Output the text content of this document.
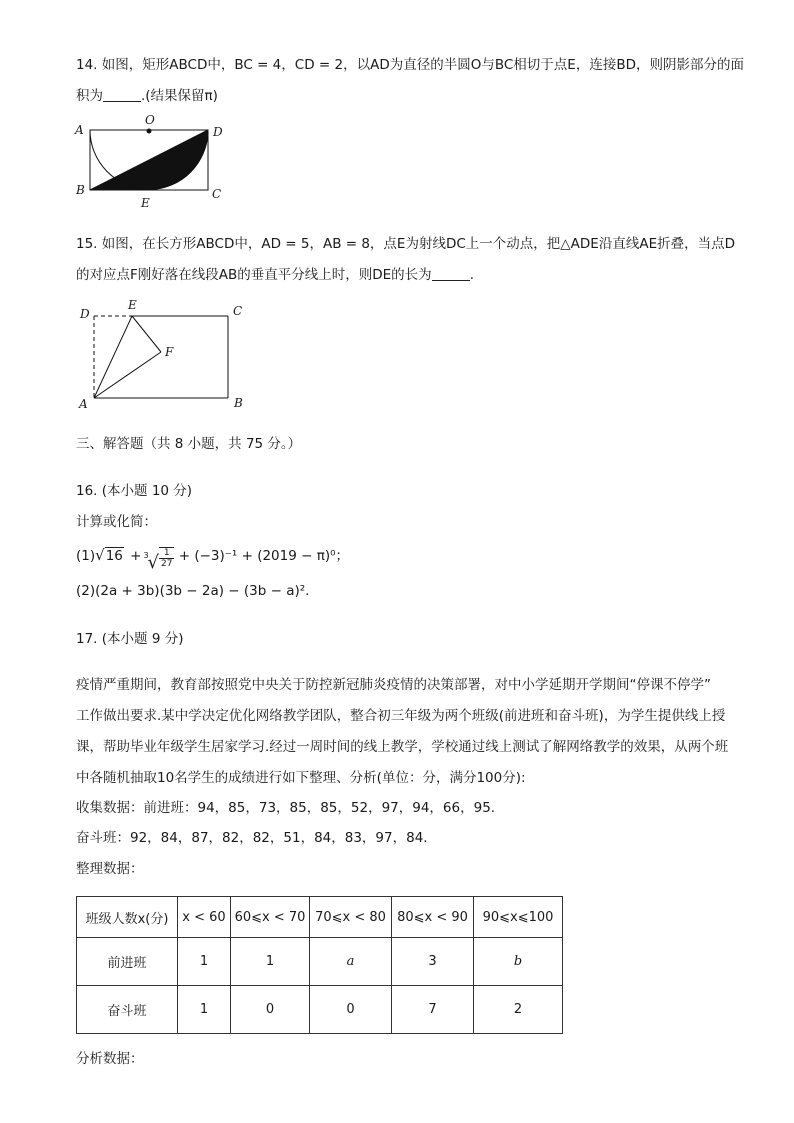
14. 如图，矩形ABCD中，BC = 4，CD = 2，以AD为直径的半圆O与BC相切于点E，连接BD，则阴影部分的面
积为	.(结果保留π)
A
O
D
B	C
E
15. 如图，在长方形ABCD中，AD = 5，AB = 8，点E为射线DC上一个动点，把△ADE沿直线AE折叠，当点D
的对应点F刚好落在线段AB的垂直平分线上时，则DE的长为	.
D
E	C
F
A	B
三、解答题（共 8 小题，共 75 分。）
16. (本小题 10 分)
计算或化简：
(1)√16 + 3
√ $\frac{1}{27} + (-3)^{-1} + (2019 - \pi)^0$；
(2)(2a + 3b)(3b − 2a) − (3b − a)².
17. (本小题 9 分)
疫情严重期间，教育部按照党中央关于防控新冠肺炎疫情的决策部署，对中小学延期开学期间“停课不停学”
工作做出要求.某中学决定优化网络教学团队，整合初三年级为两个班级(前进班和奋斗班)，为学生提供线上授
课，帮助毕业年级学生居家学习.经过一周时间的线上教学，学校通过线上测试了解网络教学的效果，从两个班
中各随机抽取10名学生的成绩进行如下整理、分析(单位：分，满分100分):
收集数据：前进班：94，85，73，85，85，52，97，94，66，95.
奋斗班：92，84，87，82，82，51，84，83，97，84.
整理数据：
班级人数x(分)	x < 60	60⩽x < 70	70⩽x < 80	80⩽x < 90	90⩽x⩽100
前进班	1	1	a	3	b
奋斗班	1	0	0	7	2
分析数据：
